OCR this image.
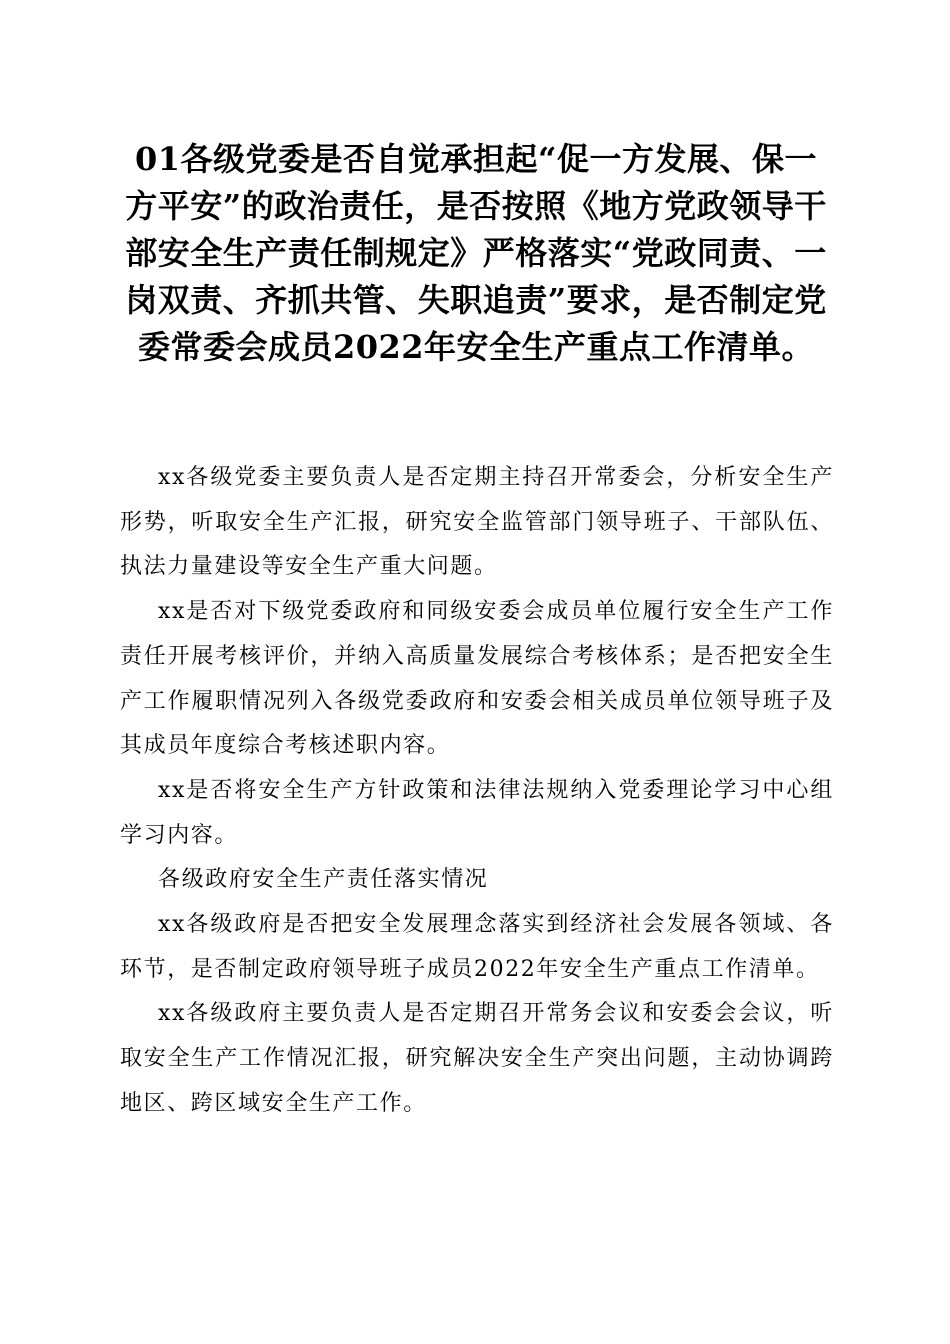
01各级党委是否自觉承担起“促一方发展、保一方平安”的政治责任，是否按照《地方党政领导干部安全生产责任制规定》严格落实“党政同责、一岗双责、齐抓共管、失职追责”要求，是否制定党委常委会成员2022年安全生产重点工作清单。

xx各级党委主要负责人是否定期主持召开常委会，分析安全生产形势，听取安全生产汇报，研究安全监管部门领导班子、干部队伍、执法力量建设等安全生产重大问题。

xx是否对下级党委政府和同级安委会成员单位履行安全生产工作责任开展考核评价，并纳入高质量发展综合考核体系；是否把安全生产工作履职情况列入各级党委政府和安委会相关成员单位领导班子及其成员年度综合考核述职内容。

xx是否将安全生产方针政策和法律法规纳入党委理论学习中心组学习内容。

各级政府安全生产责任落实情况

xx各级政府是否把安全发展理念落实到经济社会发展各领域、各环节，是否制定政府领导班子成员2022年安全生产重点工作清单。

xx各级政府主要负责人是否定期召开常务会议和安委会会议，听取安全生产工作情况汇报，研究解决安全生产突出问题，主动协调跨地区、跨区域安全生产工作。
